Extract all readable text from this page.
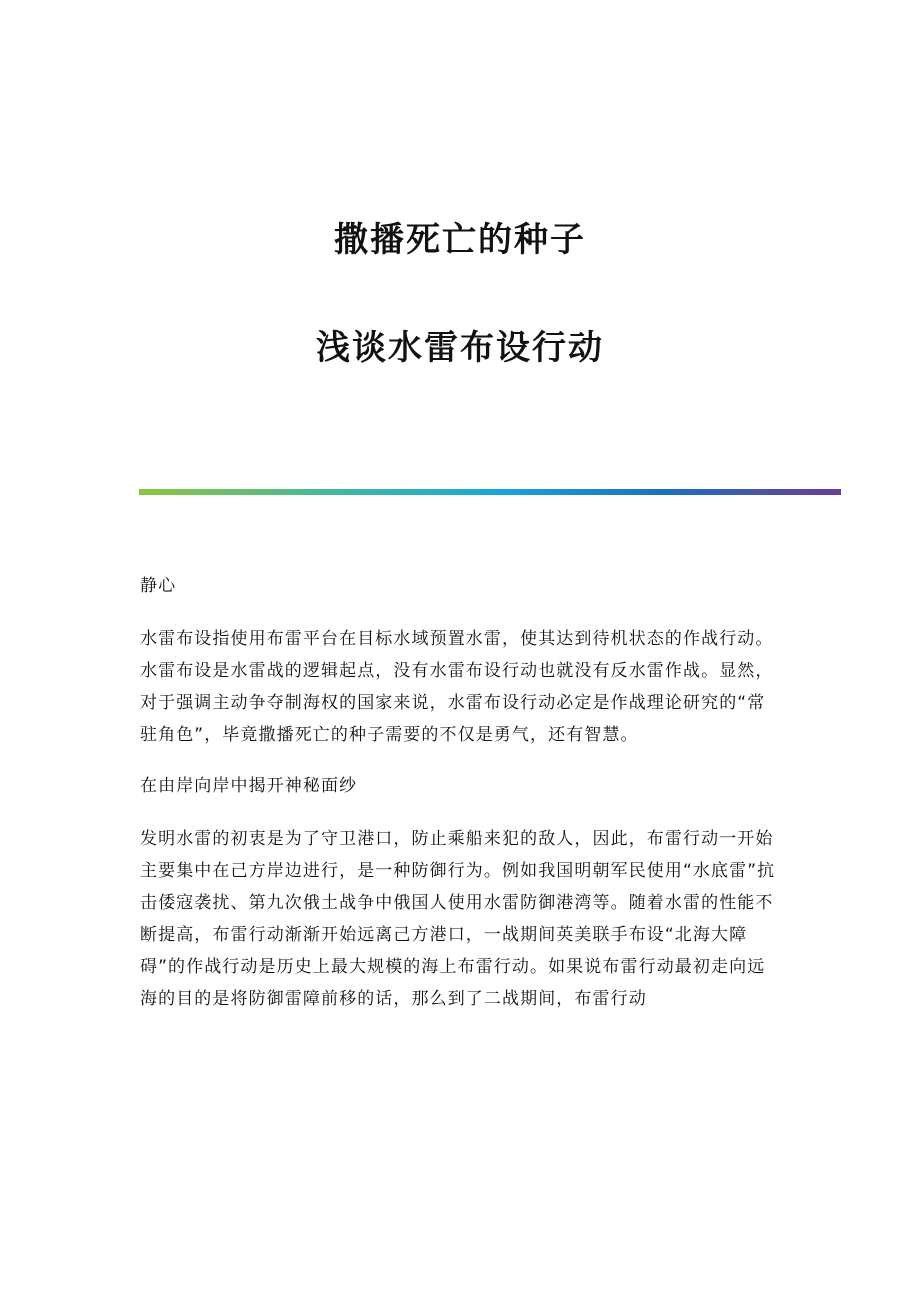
撒播死亡的种子
浅谈水雷布设行动

静心

水雷布设指使用布雷平台在目标水域预置水雷，使其达到待机状态的作战行动。水雷布设是水雷战的逻辑起点，没有水雷布设行动也就没有反水雷作战。显然，对于强调主动争夺制海权的国家来说，水雷布设行动必定是作战理论研究的“常驻角色”，毕竟撒播死亡的种子需要的不仅是勇气，还有智慧。

在由岸向岸中揭开神秘面纱

发明水雷的初衷是为了守卫港口，防止乘船来犯的敌人，因此，布雷行动一开始主要集中在己方岸边进行，是一种防御行为。例如我国明朝军民使用“水底雷”抗击倭寇袭扰、第九次俄土战争中俄国人使用水雷防御港湾等。随着水雷的性能不断提高，布雷行动渐渐开始远离己方港口，一战期间英美联手布设“北海大障碍”的作战行动是历史上最大规模的海上布雷行动。如果说布雷行动最初走向远海的目的是将防御雷障前移的话，那么到了二战期间，布雷行动
